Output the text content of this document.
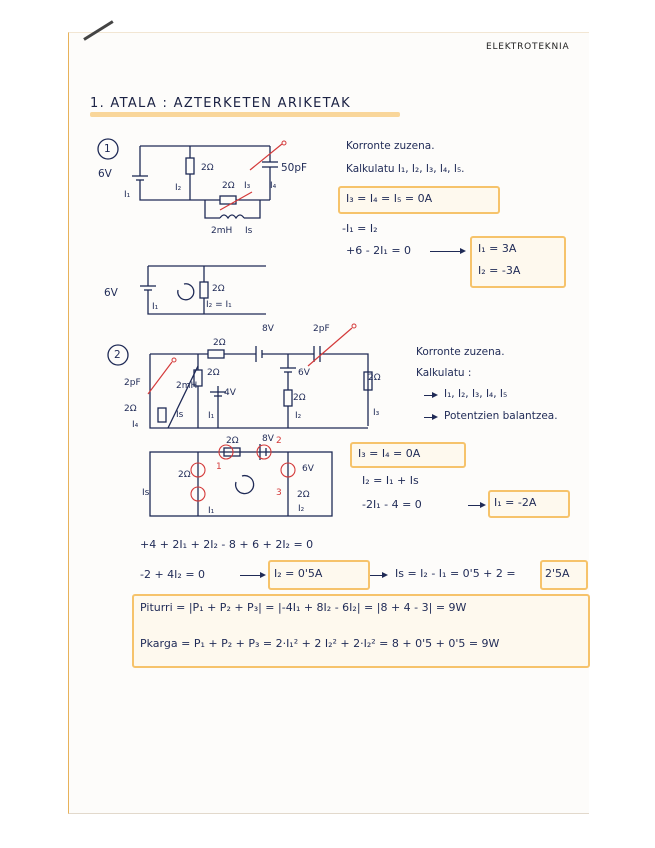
ELEKTROTEKNIA
1. ATALA : AZTERKETEN ARIKETAK
1
6V	2Ω	50pF
2Ω
I₁
I₂	I₃ I₄
2mH Is
6V	2Ω
I₁	I₂ = I₁
Korronte zuzena.
Kalkulatu I₁, I₂, I₃, I₄, I₅.
I₃ = I₄ = I₅ = 0A
-I₁ = I₂
+6 - 2I₁ = 0	I₁ = 3A
I₂ = -3A
2
2Ω
8V	2pF
2pF
2Ω
4V
6V
2Ω
2Ω
2Ω
2mH
Is	I₁	I₂	I₃
I₄
2Ω	8V
2Ω
6V
2Ω
Is
1
2
3
I₁	I₂
Korronte zuzena.
Kalkulatu :
I₁, I₂, I₃, I₄, I₅
Potentzien balantzea.
I₃ = I₄ = 0A
I₂ = I₁ + Is
-2I₁ - 4 = 0	I₁ = -2A
+4 + 2I₁ + 2I₂ - 8 + 6 + 2I₂ = 0
-2 + 4I₂ = 0	I₂ = 0'5A	Is = I₂ - I₁ = 0'5 + 2 =	2'5A
Piturri = |P₁ + P₂ + P₃| = |-4I₁ + 8I₂ - 6I₂| = |8 + 4 - 3| = 9W
Pkarga = P₁ + P₂ + P₃ = 2·I₁² + 2 I₂² + 2·I₂² = 8 + 0'5 + 0'5 = 9W
